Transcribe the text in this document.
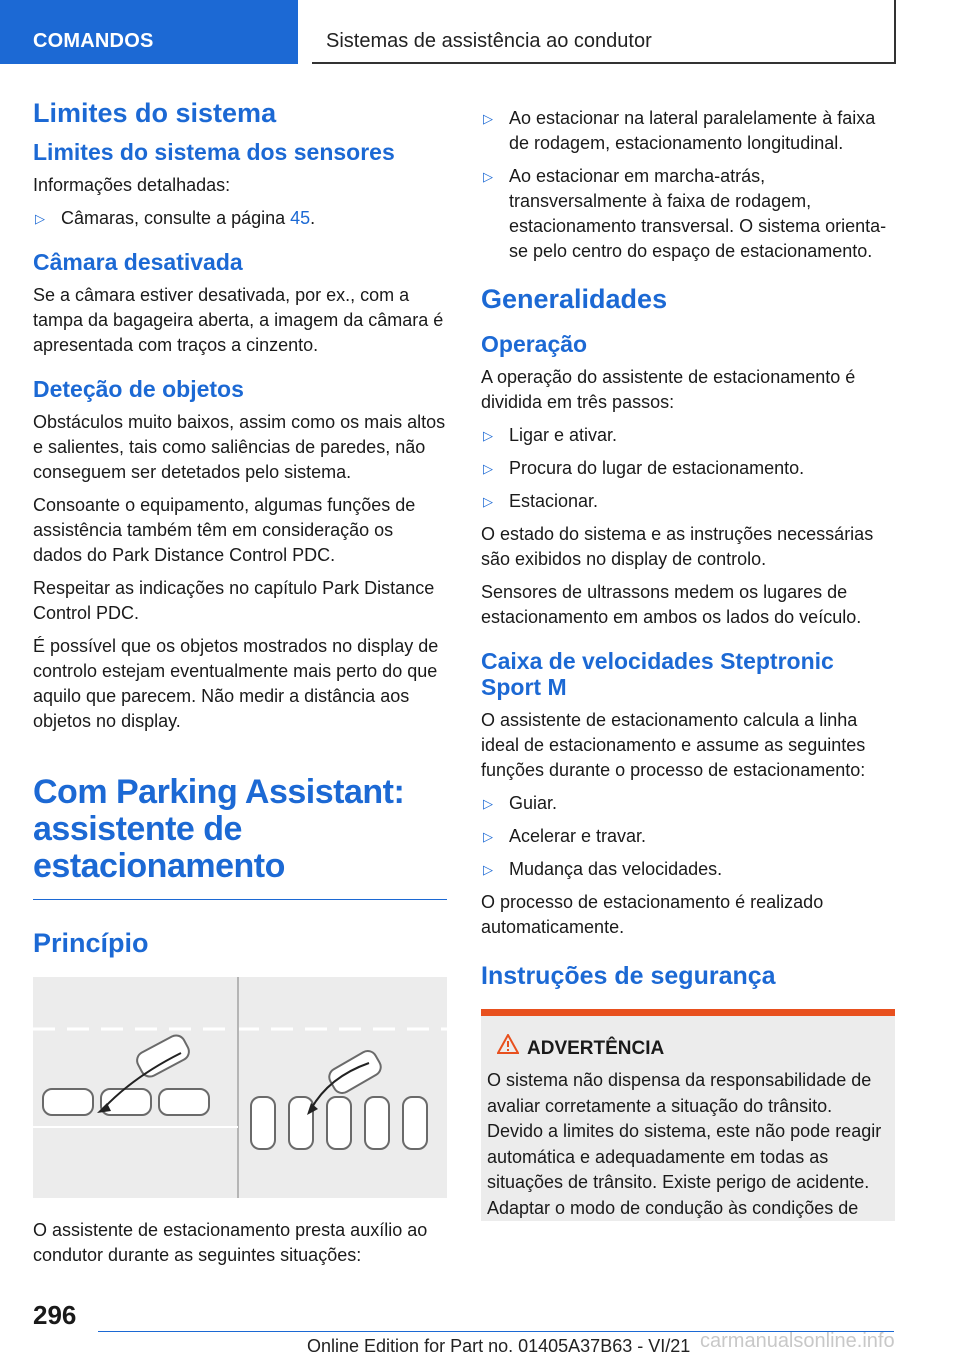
COMANDOS	Sistemas de assistência ao condutor
Limites do sistema
Limites do sistema dos sensores
Informações detalhadas:
▷ Câmaras, consulte a página 45.
Câmara desativada
Se a câmara estiver desativada, por ex., com a tampa da bagageira aberta, a imagem da câmara é apresentada com traços a cinzento.
Deteção de objetos
Obstáculos muito baixos, assim como os mais altos e salientes, tais como saliências de paredes, não conseguem ser detetados pelo sistema.
Consoante o equipamento, algumas funções de assistência também têm em consideração os dados do Park Distance Control PDC.
Respeitar as indicações no capítulo Park Distance Control PDC.
É possível que os objetos mostrados no display de controlo estejam eventualmente mais perto do que aquilo que parecem. Não medir a distância aos objetos no display.
Com Parking Assistant: assistente de estacionamento
Princípio
O assistente de estacionamento presta auxílio ao condutor durante as seguintes situações:
▷ Ao estacionar na lateral paralelamente à faixa de rodagem, estacionamento longitudinal.
▷ Ao estacionar em marcha-atrás, transversalmente à faixa de rodagem, estacionamento transversal. O sistema orienta-se pelo centro do espaço de estacionamento.
Generalidades
Operação
A operação do assistente de estacionamento é dividida em três passos:
▷ Ligar e ativar.
▷ Procura do lugar de estacionamento.
▷ Estacionar.
O estado do sistema e as instruções necessárias são exibidos no display de controlo.
Sensores de ultrassons medem os lugares de estacionamento em ambos os lados do veículo.
Caixa de velocidades Steptronic Sport M
O assistente de estacionamento calcula a linha ideal de estacionamento e assume as seguintes funções durante o processo de estacionamento:
▷ Guiar.
▷ Acelerar e travar.
▷ Mudança das velocidades.
O processo de estacionamento é realizado automaticamente.
Instruções de segurança
ADVERTÊNCIA
O sistema não dispensa da responsabilidade de avaliar corretamente a situação do trânsito. Devido a limites do sistema, este não pode reagir automática e adequadamente em todas as situações de trânsito. Existe perigo de acidente. Adaptar o modo de condução às condições de
296
Online Edition for Part no. 01405A37B63 - VI/21 carmanualsonline.info
